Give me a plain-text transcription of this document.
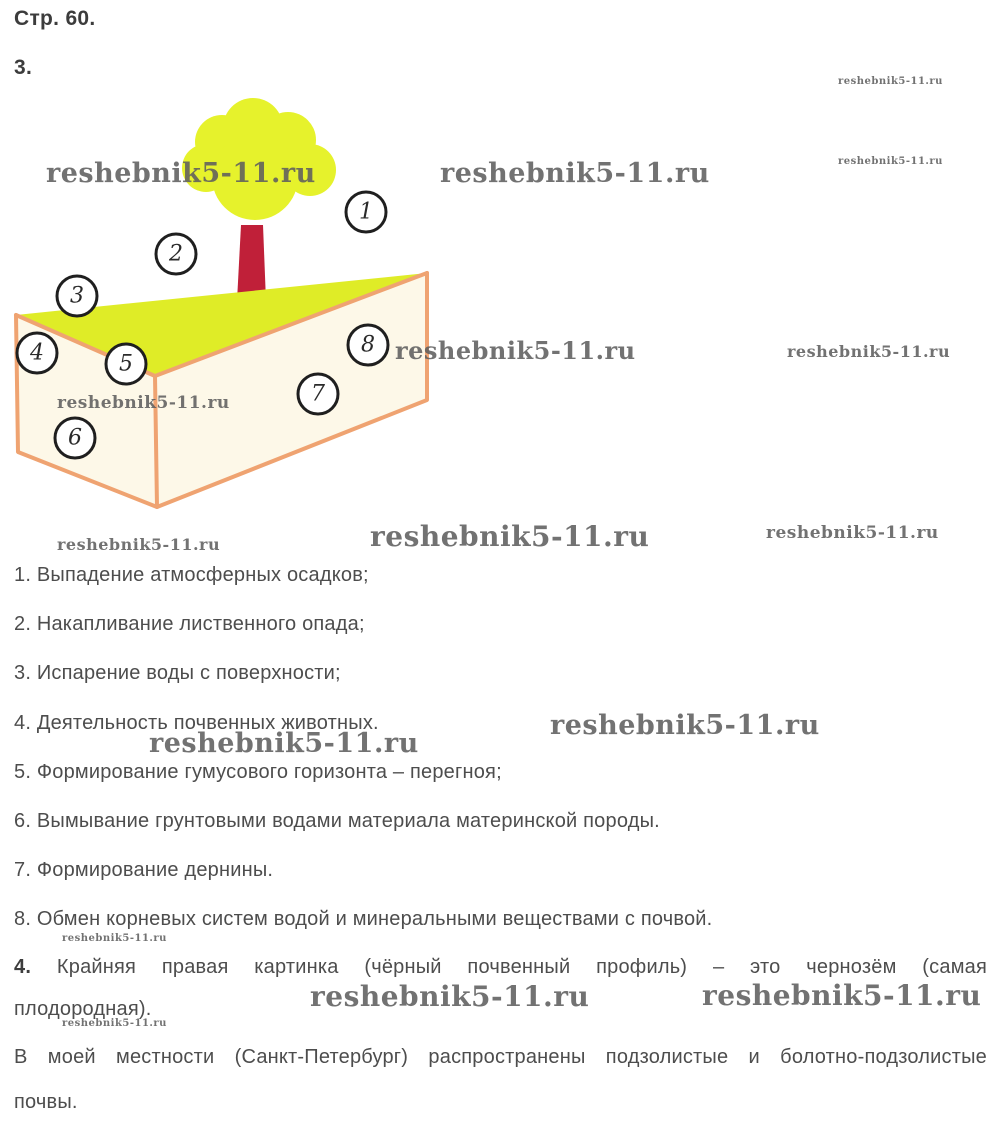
Стр. 60.
3.
1
2
3
4	5
6
7
8
reshebnik5-11.ru	reshebnik5-11.ru
reshebnik5-11.ru
reshebnik5-11.ru
reshebnik5-11.ru	reshebnik5-11.ru
reshebnik5-11.ru
reshebnik5-11.ru	reshebnik5-11.ru	reshebnik5-11.ru
reshebnik5-11.ru
reshebnik5-11.ru
reshebnik5-11.ru
reshebnik5-11.ru	reshebnik5-11.ru
reshebnik5-11.ru
1. Выпадение атмосферных осадков;
2. Накапливание лиственного опада;
3. Испарение воды с поверхности;
4. Деятельность почвенных животных.
5. Формирование гумусового горизонта – перегноя;
6. Вымывание грунтовыми водами материала материнской породы.
7. Формирование дернины.
8. Обмен корневых систем водой и минеральными веществами с почвой.
4. Крайняя правая картинка (чёрный почвенный профиль) – это чернозём (самая
плодородная).
В моей местности (Санкт-Петербург) распространены подзолистые и болотно-подзолистые
почвы.
